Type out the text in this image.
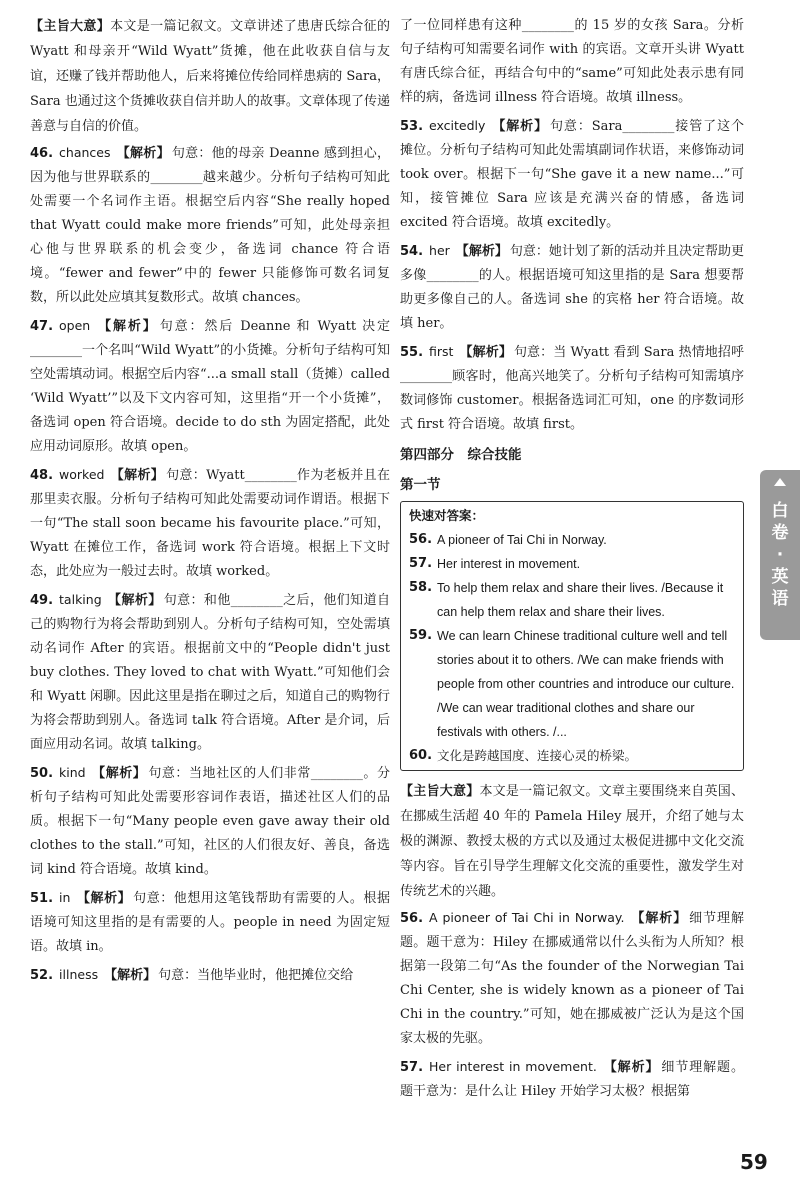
【主旨大意】本文是一篇记叙文。文章讲述了患唐氏综合征的 Wyatt 和母亲开“Wild Wyatt”货摊，他在此收获自信与友谊，还赚了钱并帮助他人，后来将摊位传给同样患病的 Sara，Sara 也通过这个货摊收获自信并助人的故事。文章体现了传递善意与自信的价值。
46. chances 【解析】 句意：他的母亲 Deanne 感到担心，因为他与世界联系的________越来越少。分析句子结构可知此处需要一个名词作主语。根据空后内容“She really hoped that Wyatt could make more friends”可知，此处母亲担心他与世界联系的机会变少，备选词 chance 符合语境。“fewer and fewer”中的 fewer 只能修饰可数名词复数，所以此处应填其复数形式。故填 chances。
47. open 【解析】 句意：然后 Deanne 和 Wyatt 决定________一个名叫“Wild Wyatt”的小货摊。分析句子结构可知空处需填动词。根据空后内容“...a small stall（货摊）called ‘Wild Wyatt’”以及下文内容可知，这里指“开一个小货摊”，备选词 open 符合语境。decide to do sth 为固定搭配，此处应用动词原形。故填 open。
48. worked 【解析】 句意：Wyatt________作为老板并且在那里卖衣服。分析句子结构可知此处需要动词作谓语。根据下一句“The stall soon became his favourite place.”可知，Wyatt 在摊位工作，备选词 work 符合语境。根据上下文时态，此处应为一般过去时。故填 worked。
49. talking 【解析】 句意：和他________之后，他们知道自己的购物行为将会帮助到别人。分析句子结构可知，空处需填动名词作 After 的宾语。根据前文中的“People didn't just buy clothes. They loved to chat with Wyatt.”可知他们会和 Wyatt 闲聊。因此这里是指在聊过之后，知道自己的购物行为将会帮助到别人。备选词 talk 符合语境。After 是介词，后面应用动名词。故填 talking。
50. kind 【解析】 句意：当地社区的人们非常________。分析句子结构可知此处需要形容词作表语，描述社区人们的品质。根据下一句“Many people even gave away their old clothes to the stall.”可知，社区的人们很友好、善良，备选词 kind 符合语境。故填 kind。
51. in 【解析】 句意：他想用这笔钱帮助有需要的人。根据语境可知这里指的是有需要的人。people in need 为固定短语。故填 in。
52. illness 【解析】 句意：当他毕业时，他把摊位交给
了一位同样患有这种________的 15 岁的女孩 Sara。分析句子结构可知需要名词作 with 的宾语。文章开头讲 Wyatt 有唐氏综合征，再结合句中的“same”可知此处表示患有同样的病，备选词 illness 符合语境。故填 illness。
53. excitedly 【解析】 句意：Sara________接管了这个摊位。分析句子结构可知此处需填副词作状语，来修饰动词 took over。根据下一句“She gave it a new name...”可知，接管摊位 Sara 应该是充满兴奋的情感，备选词 excited 符合语境。故填 excitedly。
54. her 【解析】 句意：她计划了新的活动并且决定帮助更多像________的人。根据语境可知这里指的是 Sara 想要帮助更多像自己的人。备选词 she 的宾格 her 符合语境。故填 her。
55. first 【解析】 句意：当 Wyatt 看到 Sara 热情地招呼________顾客时，他高兴地笑了。分析句子结构可知需填序数词修饰 customer。根据备选词汇可知，one 的序数词形式 first 符合语境。故填 first。
第四部分　综合技能
第一节
快速对答案：
56. A pioneer of Tai Chi in Norway.
57. Her interest in movement.
58. To help them relax and share their lives. /Because it can help them relax and share their lives.
59. We can learn Chinese traditional culture well and tell stories about it to others. /We can make friends with people from other countries and introduce our culture. /We can wear traditional clothes and share our festivals with others. /...
60. 文化是跨越国度、连接心灵的桥梁。
【主旨大意】本文是一篇记叙文。文章主要围绕来自英国、在挪威生活超 40 年的 Pamela Hiley 展开，介绍了她与太极的渊源、教授太极的方式以及通过太极促进挪中文化交流等内容。旨在引导学生理解文化交流的重要性，激发学生对传统艺术的兴趣。
56. A pioneer of Tai Chi in Norway. 【解析】 细节理解题。题干意为：Hiley 在挪威通常以什么头衔为人所知？根据第一段第二句“As the founder of the Norwegian Tai Chi Center, she is widely known as a pioneer of Tai Chi in the country.”可知，她在挪威被广泛认为是这个国家太极的先驱。
57. Her interest in movement. 【解析】 细节理解题。题干意为：是什么让 Hiley 开始学习太极？根据第
白
卷
·
英
语
59
